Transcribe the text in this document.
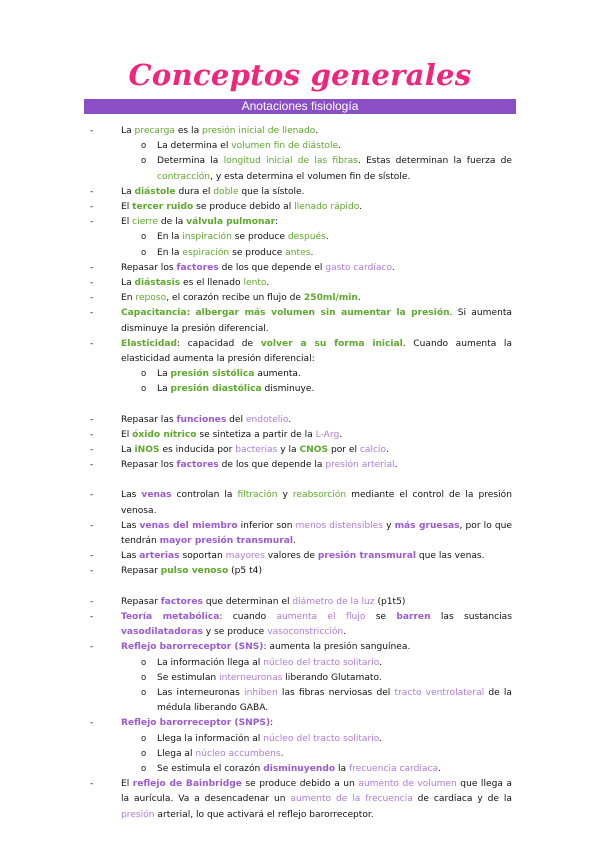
Conceptos generales
Anotaciones fisiología
- La precarga es la presión inicial de llenado.
o La determina el volumen fin de diástole.
o Determina la longitud inicial de las fibras. Estas determinan la fuerza de contracción, y esta determina el volumen fin de sístole.
- La diástole dura el doble que la sístole.
- El tercer ruido se produce debido al llenado rápido.
- El cierre de la válvula pulmonar:
o En la inspiración se produce después.
o En la espiración se produce antes.
- Repasar los factores de los que depende el gasto cardíaco.
- La diástasis es el llenado lento.
- En reposo, el corazón recibe un flujo de 250ml/min.
- Capacitancia: albergar más volumen sin aumentar la presión. Si aumenta disminuye la presión diferencial.
- Elasticidad: capacidad de volver a su forma inicial. Cuando aumenta la elasticidad aumenta la presión diferencial:
o La presión sistólica aumenta.
o La presión diastólica disminuye.
- Repasar las funciones del endotelio.
- El óxido nítrico se sintetiza a partir de la L-Arg.
- La iNOS es inducida por bacterias y la CNOS por el calcio.
- Repasar los factores de los que depende la presión arterial.
- Las venas controlan la filtración y reabsorción mediante el control de la presión venosa.
- Las venas del miembro inferior son menos distensibles y más gruesas, por lo que tendrán mayor presión transmural.
- Las arterias soportan mayores valores de presión transmural que las venas.
- Repasar pulso venoso (p5 t4)
- Repasar factores que determinan el diámetro de la luz (p1t5)
- Teoría metabólica: cuando aumenta el flujo se barren las sustancias vasodilatadoras y se produce vasoconstricción.
- Reflejo barorreceptor (SNS): aumenta la presión sanguínea.
o La información llega al núcleo del tracto solitario.
o Se estimulan interneuronas liberando Glutamato.
o Las interneuronas inhiben las fibras nerviosas del tracto ventrolateral de la médula liberando GABA.
- Reflejo barorreceptor (SNPS):
o Llega la información al núcleo del tracto solitario.
o Llega al núcleo accumbens.
o Se estimula el corazón disminuyendo la frecuencia cardíaca.
- El reflejo de Bainbridge se produce debido a un aumento de volumen que llega a la aurícula. Va a desencadenar un aumento de la frecuencia de cardíaca y de la presión arterial, lo que activará el reflejo barorreceptor.
